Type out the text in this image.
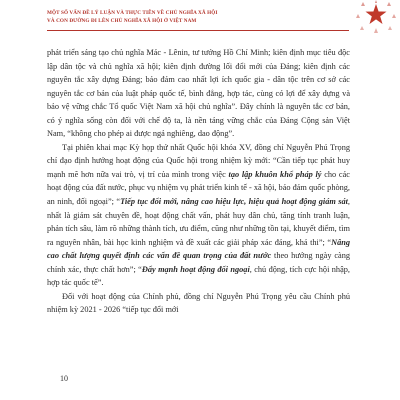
MỘT SỐ VẤN ĐỀ LÝ LUẬN VÀ THỰC TIỄN VỀ CHỦ NGHĨA XÃ HỘI
VÀ CON ĐƯỜNG ĐI LÊN CHỦ NGHĨA XÃ HỘI Ở VIỆT NAM

phát triển sáng tạo chủ nghĩa Mác - Lênin, tư tưởng Hồ Chí Minh; kiên định mục tiêu độc lập dân tộc và chủ nghĩa xã hội; kiên định đường lối đổi mới của Đảng; kiên định các nguyên tắc xây dựng Đảng; bảo đảm cao nhất lợi ích quốc gia - dân tộc trên cơ sở các nguyên tắc cơ bản của luật pháp quốc tế, bình đẳng, hợp tác, cùng có lợi để xây dựng và bảo vệ vững chắc Tổ quốc Việt Nam xã hội chủ nghĩa”. Đây chính là nguyên tắc cơ bản, có ý nghĩa sống còn đối với chế độ ta, là nền tảng vững chắc của Đảng Cộng sản Việt Nam, “không cho phép ai được ngả nghiêng, dao động”.

Tại phiên khai mạc Kỳ họp thứ nhất Quốc hội khóa XV, đồng chí Nguyễn Phú Trọng chỉ đạo định hướng hoạt động của Quốc hội trong nhiệm kỳ mới: “Cần tiếp tục phát huy mạnh mẽ hơn nữa vai trò, vị trí của mình trong việc tạo lập khuôn khổ pháp lý cho các hoạt động của đất nước, phục vụ nhiệm vụ phát triển kinh tế - xã hội, bảo đảm quốc phòng, an ninh, đối ngoại”; “Tiếp tục đổi mới, nâng cao hiệu lực, hiệu quả hoạt động giám sát, nhất là giám sát chuyên đề, hoạt động chất vấn, phát huy dân chủ, tăng tính tranh luận, phản tích sâu, làm rõ những thành tích, ưu điểm, cũng như những tồn tại, khuyết điểm, tìm ra nguyên nhân, bài học kinh nghiệm và đề xuất các giải pháp xác đáng, khả thi”; “Nâng cao chất lượng quyết định các vấn đề quan trọng của đất nước theo hướng ngày càng chính xác, thực chất hơn”; “Đẩy mạnh hoạt động đối ngoại, chủ động, tích cực hội nhập, hợp tác quốc tế”.

Đối với hoạt động của Chính phủ, đồng chí Nguyễn Phú Trọng yêu cầu Chính phủ nhiệm kỳ 2021 - 2026 “tiếp tục đổi mới

10
